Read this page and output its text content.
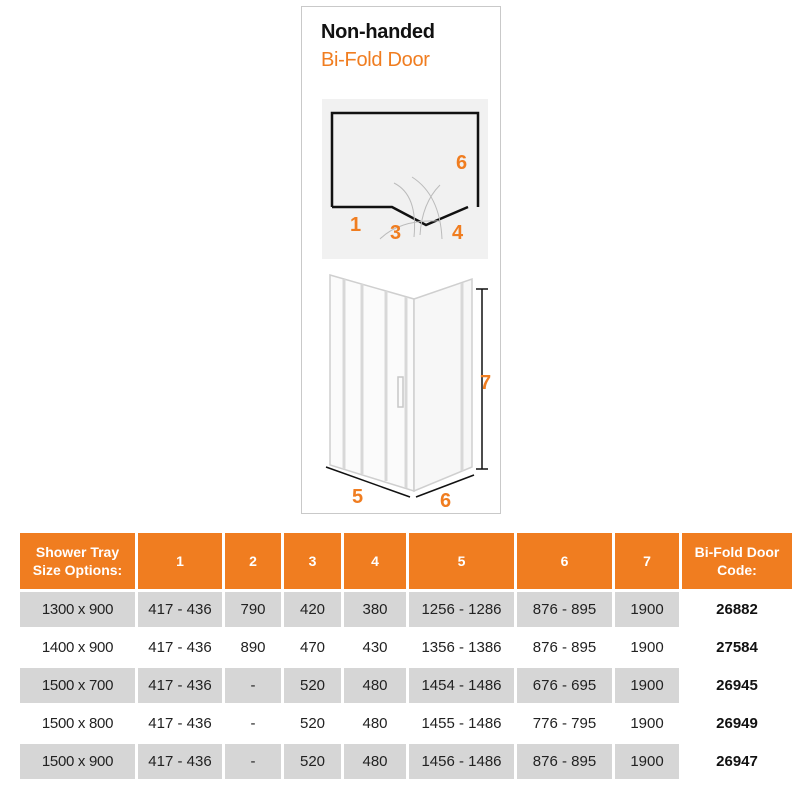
Non-handed
Bi-Fold Door
1 3	4
6
7
5	6
Shower Tray Size Options:	1	2	3	4	5	6	7	Bi-Fold Door Code:
1300 x 900	417 - 436	790	420	380	1256 - 1286	876 - 895	1900	26882
1400 x 900	417 - 436	890	470	430	1356 - 1386	876 - 895	1900	27584
1500 x 700	417 - 436	-	520	480	1454 - 1486	676 - 695	1900	26945
1500 x 800	417 - 436	-	520	480	1455 - 1486	776 - 795	1900	26949
1500 x 900	417 - 436	-	520	480	1456 - 1486	876 - 895	1900	26947
